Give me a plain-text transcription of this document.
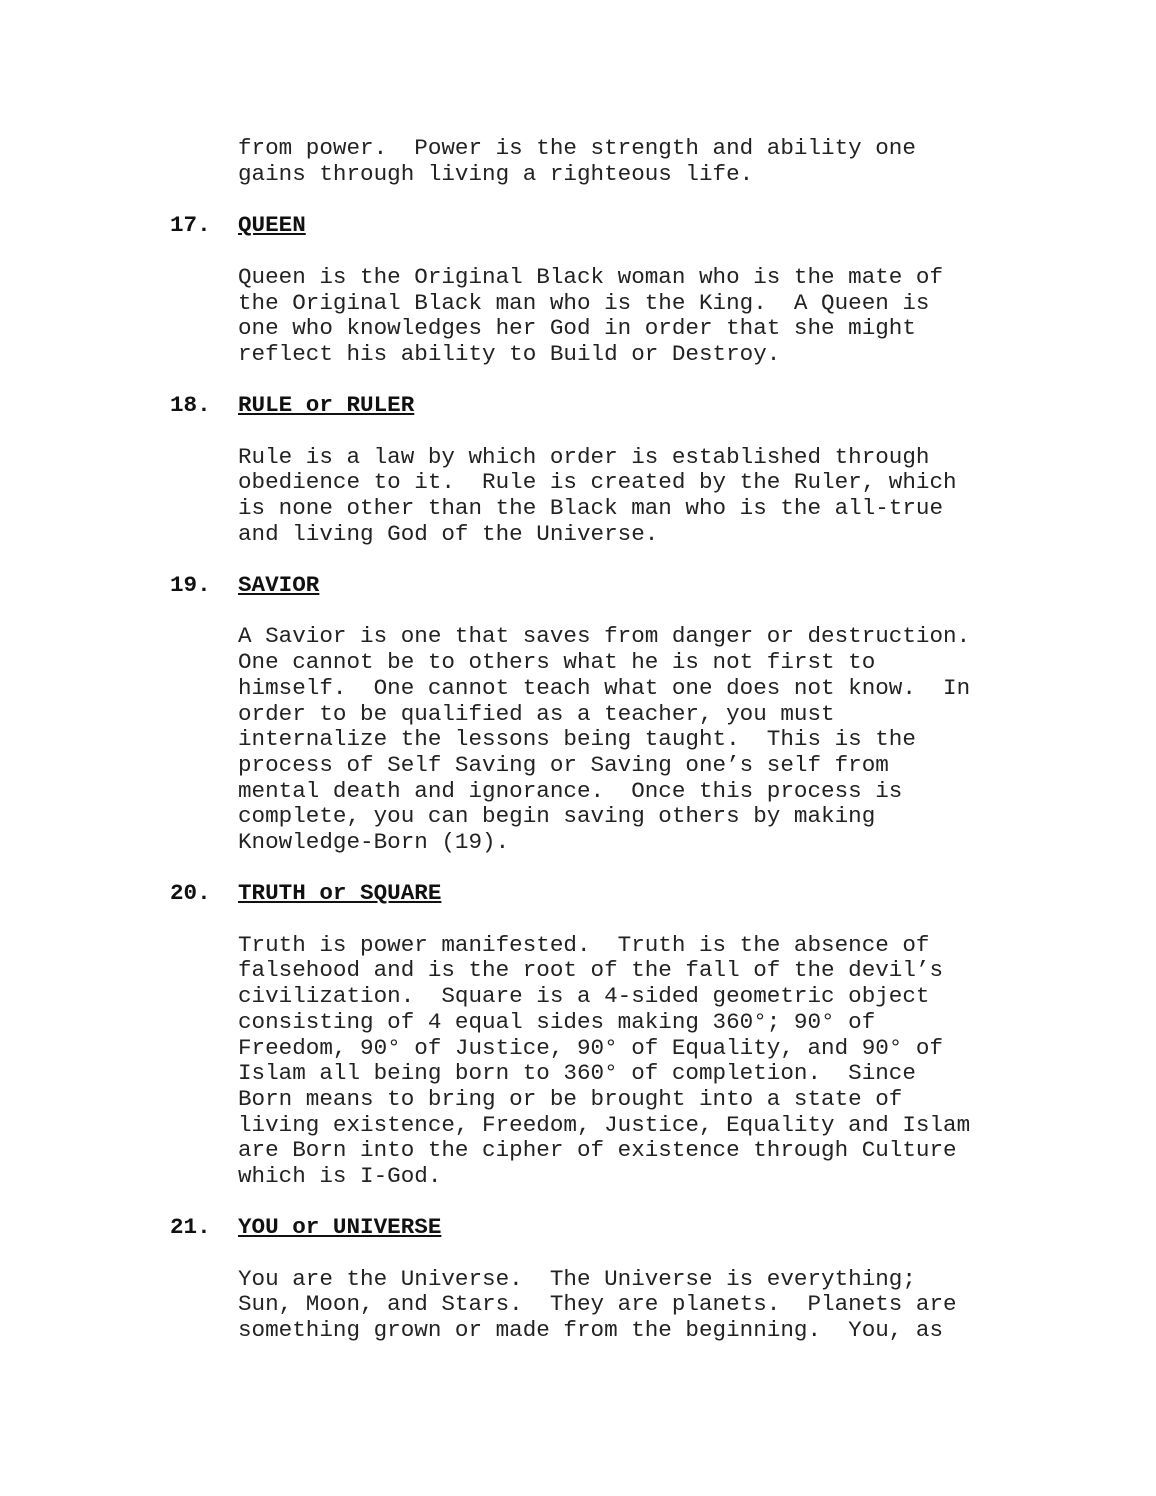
from power.  Power is the strength and ability one
gains through living a righteous life.
17. QUEEN
Queen is the Original Black woman who is the mate of
the Original Black man who is the King.  A Queen is
one who knowledges her God in order that she might
reflect his ability to Build or Destroy.
18. RULE or RULER
Rule is a law by which order is established through
obedience to it.  Rule is created by the Ruler, which
is none other than the Black man who is the all-true
and living God of the Universe.
19. SAVIOR
A Savior is one that saves from danger or destruction.
One cannot be to others what he is not first to
himself.  One cannot teach what one does not know.  In
order to be qualified as a teacher, you must
internalize the lessons being taught.  This is the
process of Self Saving or Saving one’s self from
mental death and ignorance.  Once this process is
complete, you can begin saving others by making
Knowledge-Born (19).
20. TRUTH or SQUARE
Truth is power manifested.  Truth is the absence of
falsehood and is the root of the fall of the devil’s
civilization.  Square is a 4-sided geometric object
consisting of 4 equal sides making 360°; 90° of
Freedom, 90° of Justice, 90° of Equality, and 90° of
Islam all being born to 360° of completion.  Since
Born means to bring or be brought into a state of
living existence, Freedom, Justice, Equality and Islam
are Born into the cipher of existence through Culture
which is I-God.
21. YOU or UNIVERSE
You are the Universe.  The Universe is everything;
Sun, Moon, and Stars.  They are planets.  Planets are
something grown or made from the beginning.  You, as
